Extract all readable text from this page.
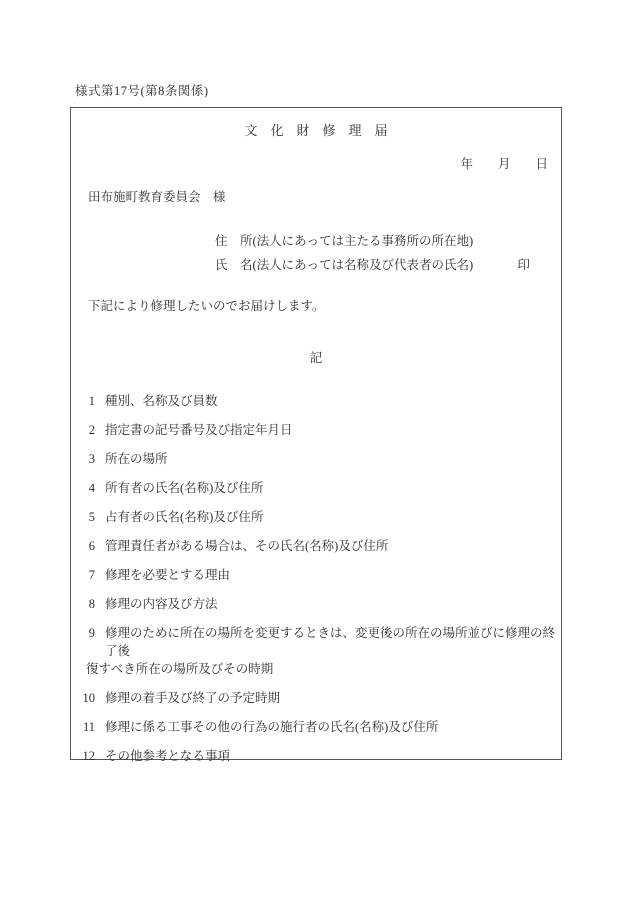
様式第17号(第8条関係)
文　化　財　修　理　届
年　　月　　日
田布施町教育委員会　様
住　所(法人にあっては主たる事務所の所在地)
氏　名(法人にあっては名称及び代表者の氏名)	印
下記により修理したいのでお届けします。
記
1 種別、名称及び員数
2 指定書の記号番号及び指定年月日
3 所在の場所
4 所有者の氏名(名称)及び住所
5 占有者の氏名(名称)及び住所
6 管理責任者がある場合は、その氏名(名称)及び住所
7 修理を必要とする理由
8 修理の内容及び方法
9 修理のために所在の場所を変更するときは、変更後の所在の場所並びに修理の終了後
復すべき所在の場所及びその時期
10 修理の着手及び終了の予定時期
11 修理に係る工事その他の行為の施行者の氏名(名称)及び住所
12 その他参考となる事項
